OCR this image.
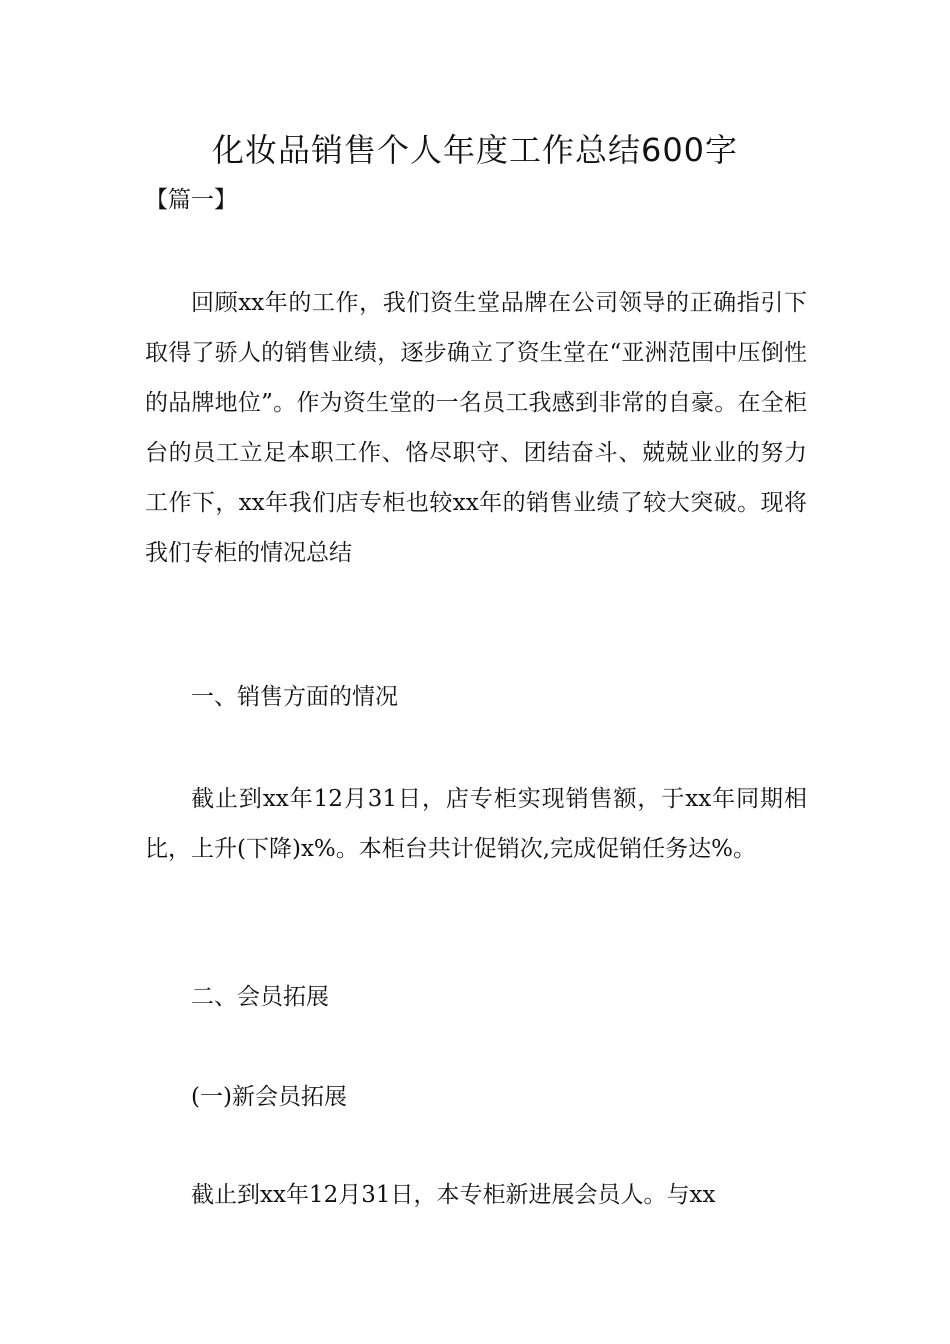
化妆品销售个人年度工作总结600字

【篇一】

回顾xx年的工作，我们资生堂品牌在公司领导的正确指引下取得了骄人的销售业绩，逐步确立了资生堂在“亚洲范围中压倒性的品牌地位”。作为资生堂的一名员工我感到非常的自豪。在全柜台的员工立足本职工作、恪尽职守、团结奋斗、兢兢业业的努力工作下，xx年我们店专柜也较xx年的销售业绩了较大突破。现将我们专柜的情况总结

一、销售方面的情况

截止到xx年12月31日，店专柜实现销售额，于xx年同期相比，上升(下降)x%。本柜台共计促销次,完成促销任务达%。

二、会员拓展

(一)新会员拓展

截止到xx年12月31日，本专柜新进展会员人。与xx
